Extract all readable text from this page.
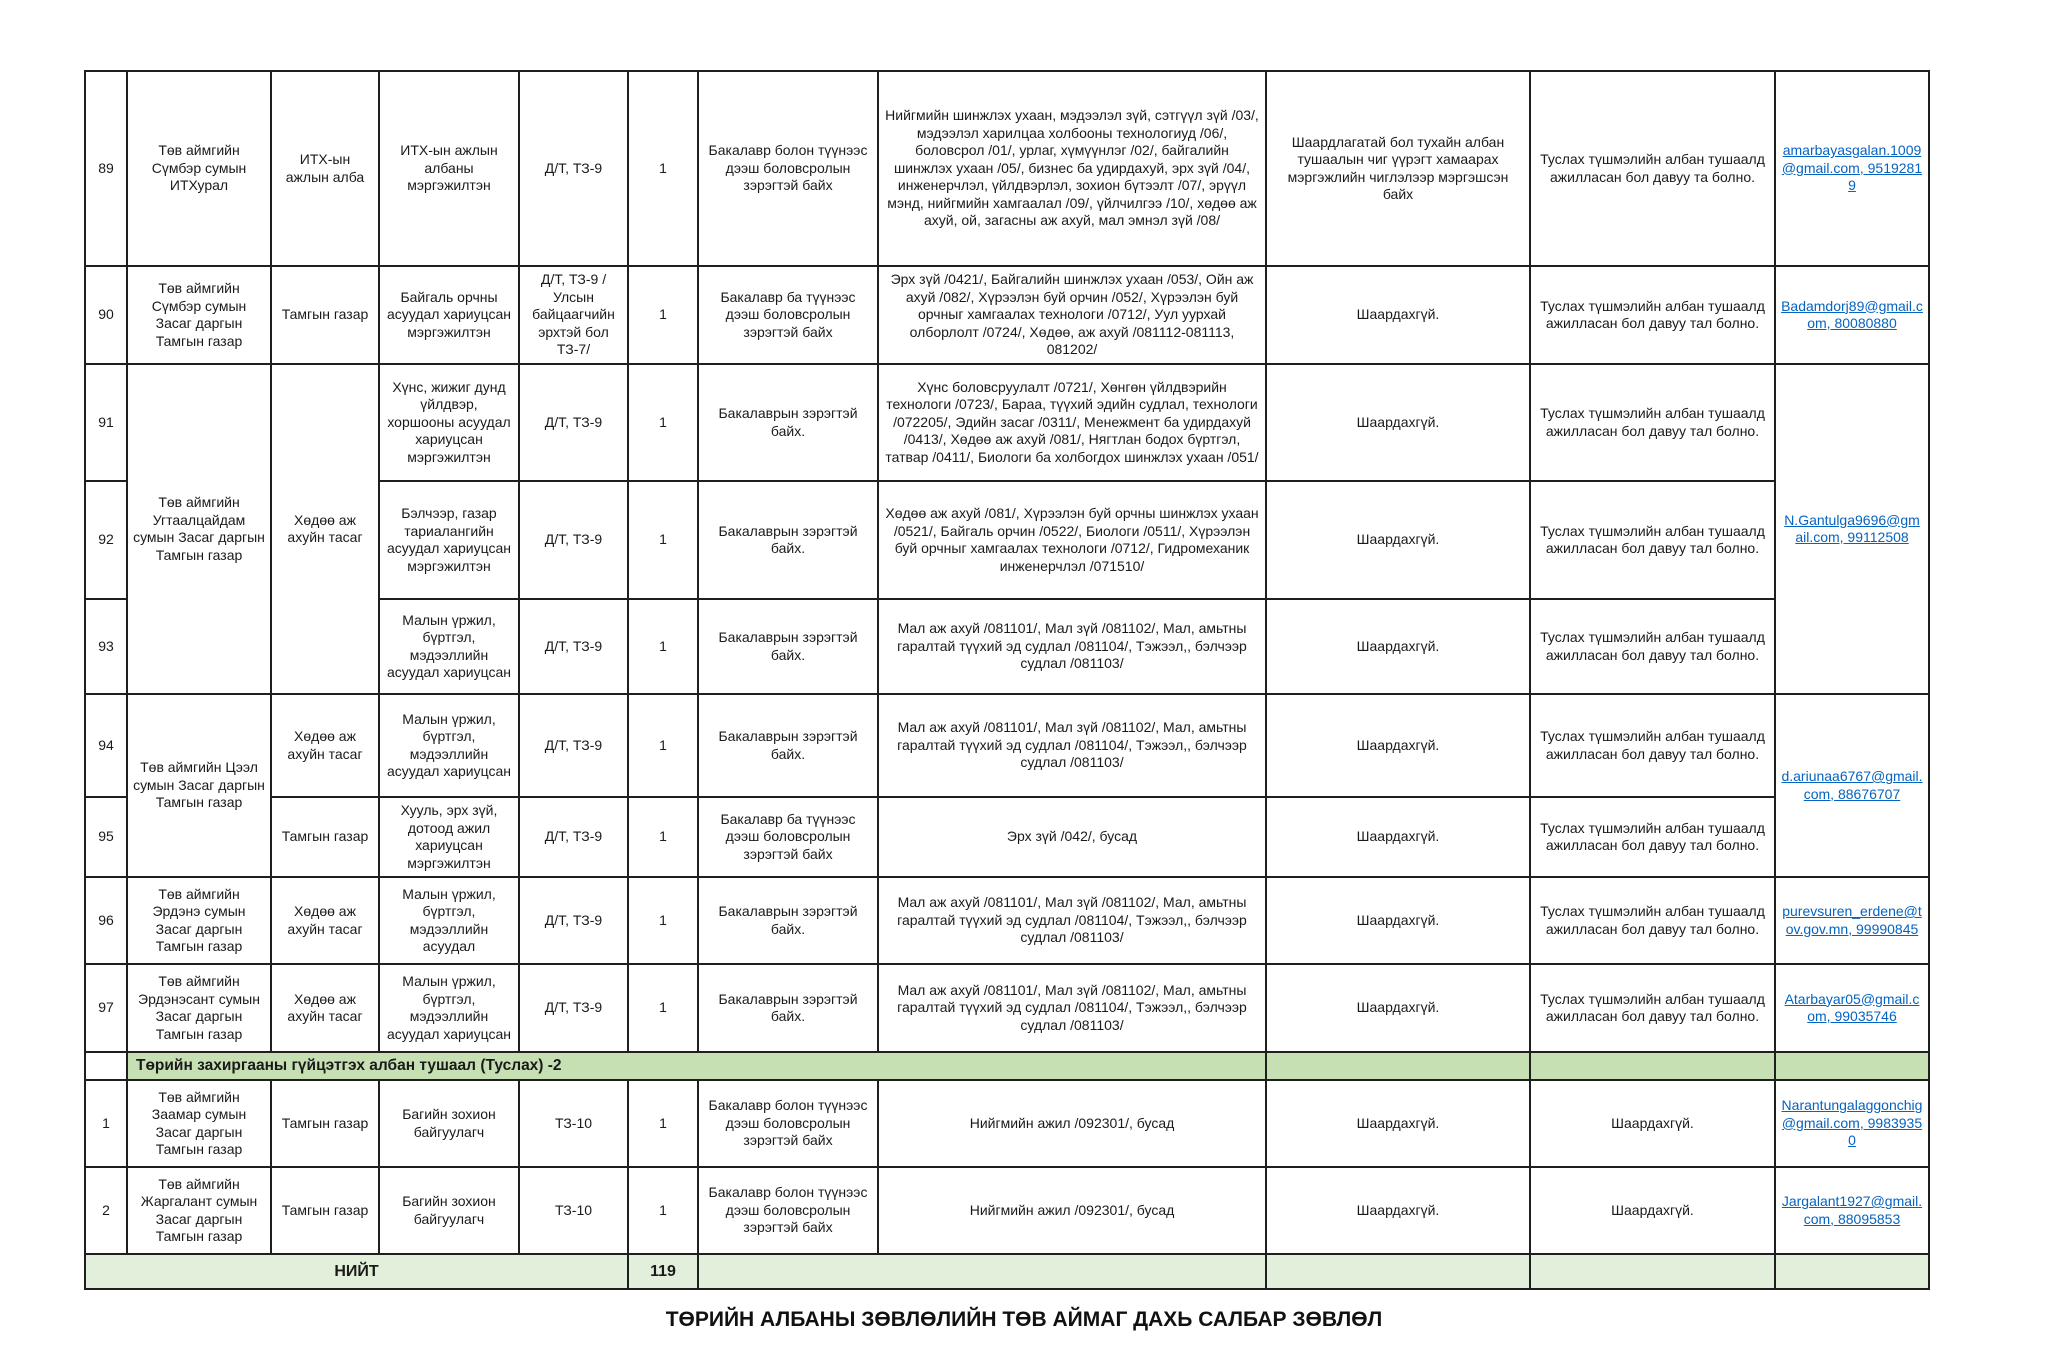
89	Төв аймгийн Сүмбэр сумын ИТХурал	ИТХ-ын ажлын алба	ИТХ-ын ажлын албаны мэргэжилтэн	Д/Т, ТЗ-9	1	Бакалавр болон түүнээс дээш боловсролын зэрэгтэй байх	Нийгмийн шинжлэх ухаан, мэдээлэл зүй, сэтгүүл зүй /03/, мэдээлэл харилцаа холбооны технологиуд /06/, боловсрол /01/, урлаг, хүмүүнлэг /02/, байгалийн шинжлэх ухаан /05/, бизнес ба удирдахуй, эрх зүй /04/, инженерчлэл, үйлдвэрлэл, зохион бүтээлт /07/, эрүүл мэнд, нийгмийн хамгаалал /09/, үйлчилгээ /10/, хөдөө аж ахуй, ой, загасны аж ахуй, мал эмнэл зүй /08/	Шаардлагатай бол тухайн албан тушаалын чиг үүрэгт хамаарах мэргэжлийн чиглэлээр мэргэшсэн байх	Туслах түшмэлийн албан тушаалд ажилласан бол давуу та болно.	amarbayasgalan.1009@gmail.com, 95192819
90	Төв аймгийн Сүмбэр сумын Засаг даргын Тамгын газар	Тамгын газар	Байгаль орчны асуудал хариуцсан мэргэжилтэн	Д/Т, ТЗ-9 /Улсын байцаагчийн эрхтэй бол ТЗ-7/	1	Бакалавр ба түүнээс дээш боловсролын зэрэгтэй байх	Эрх зүй /0421/, Байгалийн шинжлэх ухаан /053/, Ойн аж ахуй /082/, Хүрээлэн буй орчин /052/, Хүрээлэн буй орчныг хамгаалах технологи /0712/, Уул уурхай олборлолт /0724/, Хөдөө, аж ахуй /081112-081113, 081202/	Шаардахгүй.	Туслах түшмэлийн албан тушаалд ажилласан бол давуу тал болно.	Badamdorj89@gmail.com, 80080880
91	Төв аймгийн Угтаалцайдам сумын Засаг даргын Тамгын газар	Хөдөө аж ахуйн тасаг	Хүнс, жижиг дунд үйлдвэр, хоршооны асуудал хариуцсан мэргэжилтэн	Д/Т, ТЗ-9	1	Бакалаврын зэрэгтэй байх.	Хүнс боловсруулалт /0721/, Хөнгөн үйлдвэрийн технологи /0723/, Бараа, түүхий эдийн судлал, технологи /072205/, Эдийн засаг /0311/, Менежмент ба удирдахуй /0413/, Хөдөө аж ахуй /081/, Нягтлан бодох бүртгэл, татвар /0411/, Биологи ба холбогдох шинжлэх ухаан /051/	Шаардахгүй.	Туслах түшмэлийн албан тушаалд ажилласан бол давуу тал болно.	N.Gantulga9696@gmail.com, 99112508
92			Бэлчээр, газар тариалангийн асуудал хариуцсан мэргэжилтэн	Д/Т, ТЗ-9	1	Бакалаврын зэрэгтэй байх.	Хөдөө аж ахуй /081/, Хүрээлэн буй орчны шинжлэх ухаан /0521/, Байгаль орчин /0522/, Биологи /0511/, Хүрээлэн буй орчныг хамгаалах технологи /0712/, Гидромеханик инженерчлэл /071510/	Шаардахгүй.	Туслах түшмэлийн албан тушаалд ажилласан бол давуу тал болно.	
93			Малын үржил, бүртгэл, мэдээллийн асуудал хариуцсан	Д/Т, ТЗ-9	1	Бакалаврын зэрэгтэй байх.	Мал аж ахуй /081101/, Мал зүй /081102/, Мал, амьтны гаралтай түүхий эд судлал /081104/, Тэжээл,, бэлчээр судлал /081103/	Шаардахгүй.	Туслах түшмэлийн албан тушаалд ажилласан бол давуу тал болно.	
94	Төв аймгийн Цээл сумын Засаг даргын Тамгын газар	Хөдөө аж ахуйн тасаг	Малын үржил, бүртгэл, мэдээллийн асуудал хариуцсан	Д/Т, ТЗ-9	1	Бакалаврын зэрэгтэй байх.	Мал аж ахуй /081101/, Мал зүй /081102/, Мал, амьтны гаралтай түүхий эд судлал /081104/, Тэжээл,, бэлчээр судлал /081103/	Шаардахгүй.	Туслах түшмэлийн албан тушаалд ажилласан бол давуу тал болно.	d.ariunaa6767@gmail.com, 88676707
95		Тамгын газар	Хууль, эрх зүй, дотоод ажил хариуцсан мэргэжилтэн	Д/Т, ТЗ-9	1	Бакалавр ба түүнээс дээш боловсролын зэрэгтэй байх	Эрх зүй /042/, бусад	Шаардахгүй.	Туслах түшмэлийн албан тушаалд ажилласан бол давуу тал болно.	
96	Төв аймгийн Эрдэнэ сумын Засаг даргын Тамгын газар	Хөдөө аж ахуйн тасаг	Малын үржил, бүртгэл, мэдээллийн асуудал	Д/Т, ТЗ-9	1	Бакалаврын зэрэгтэй байх.	Мал аж ахуй /081101/, Мал зүй /081102/, Мал, амьтны гаралтай түүхий эд судлал /081104/, Тэжээл,, бэлчээр судлал /081103/	Шаардахгүй.	Туслах түшмэлийн албан тушаалд ажилласан бол давуу тал болно.	purevsuren_erdene@tov.gov.mn, 99990845
97	Төв аймгийн Эрдэнэсант сумын Засаг даргын Тамгын газар	Хөдөө аж ахуйн тасаг	Малын үржил, бүртгэл, мэдээллийн асуудал хариуцсан	Д/Т, ТЗ-9	1	Бакалаврын зэрэгтэй байх.	Мал аж ахуй /081101/, Мал зүй /081102/, Мал, амьтны гаралтай түүхий эд судлал /081104/, Тэжээл,, бэлчээр судлал /081103/	Шаардахгүй.	Туслах түшмэлийн албан тушаалд ажилласан бол давуу тал болно.	Atarbayar05@gmail.com, 99035746
	Төрийн захиргааны гүйцэтгэх албан тушаал (Туслах) -2									
1	Төв аймгийн Заамар сумын Засаг даргын Тамгын газар	Тамгын газар	Багийн зохион байгуулагч	ТЗ-10	1	Бакалавр болон түүнээс дээш боловсролын зэрэгтэй байх	Нийгмийн ажил /092301/, бусад	Шаардахгүй.	Шаардахгүй.	Narantungalaggonchig@gmail.com, 99839350
2	Төв аймгийн Жаргалант сумын Засаг даргын Тамгын газар	Тамгын газар	Багийн зохион байгуулагч	ТЗ-10	1	Бакалавр болон түүнээс дээш боловсролын зэрэгтэй байх	Нийгмийн ажил /092301/, бусад	Шаардахгүй.	Шаардахгүй.	Jargalant1927@gmail.com, 88095853
НИЙТ					119					
ТӨРИЙН АЛБАНЫ ЗӨВЛӨЛИЙН ТӨВ АЙМАГ ДАХЬ САЛБАР ЗӨВЛӨЛ
